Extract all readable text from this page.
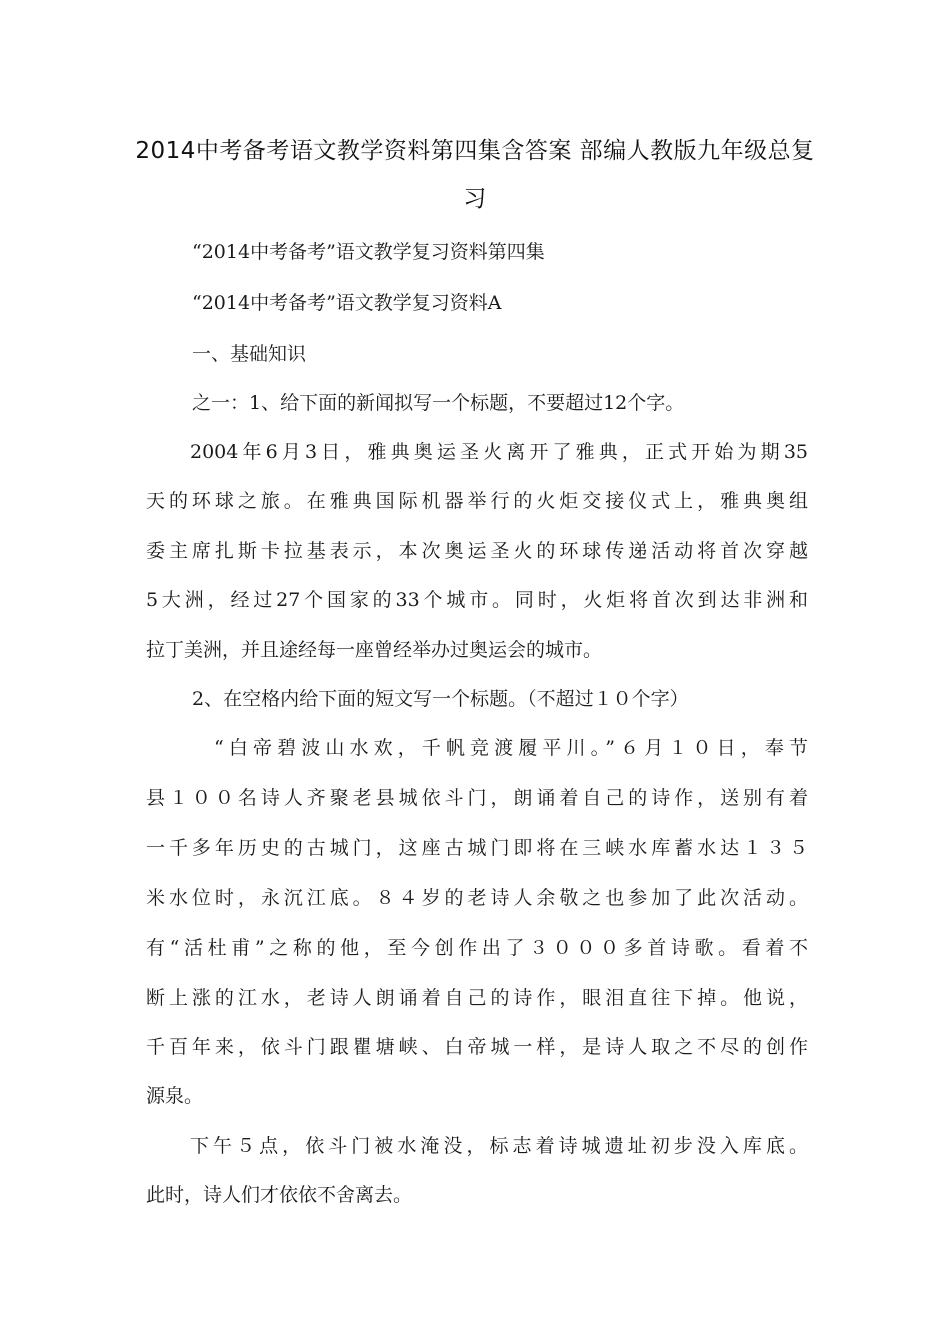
2014中考备考语文教学资料第四集含答案 部编人教版九年级总复
习
“2014中考备考”语文教学复习资料第四集
“2014中考备考”语文教学复习资料A
一、基础知识
之一：1、给下面的新闻拟写一个标题，不要超过12个字。
2004年6月3日，雅典奥运圣火离开了雅典，正式开始为期35
天的环球之旅。在雅典国际机器举行的火炬交接仪式上，雅典奥组
委主席扎斯卡拉基表示，本次奥运圣火的环球传递活动将首次穿越
5大洲，经过27个国家的33个城市。同时，火炬将首次到达非洲和
拉丁美洲，并且途经每一座曾经举办过奥运会的城市。
2、在空格内给下面的短文写一个标题。（不超过１０个字）
“白帝碧波山水欢，千帆竞渡履平川。”６月１０日，奉节
县１００名诗人齐聚老县城依斗门，朗诵着自己的诗作，送别有着
一千多年历史的古城门，这座古城门即将在三峡水库蓄水达１３５
米水位时，永沉江底。８４岁的老诗人余敬之也参加了此次活动。
有“活杜甫”之称的他，至今创作出了３０００多首诗歌。看着不
断上涨的江水，老诗人朗诵着自己的诗作，眼泪直往下掉。他说，
千百年来，依斗门跟瞿塘峡、白帝城一样，是诗人取之不尽的创作
源泉。
下午５点，依斗门被水淹没，标志着诗城遗址初步没入库底。
此时，诗人们才依依不舍离去。
